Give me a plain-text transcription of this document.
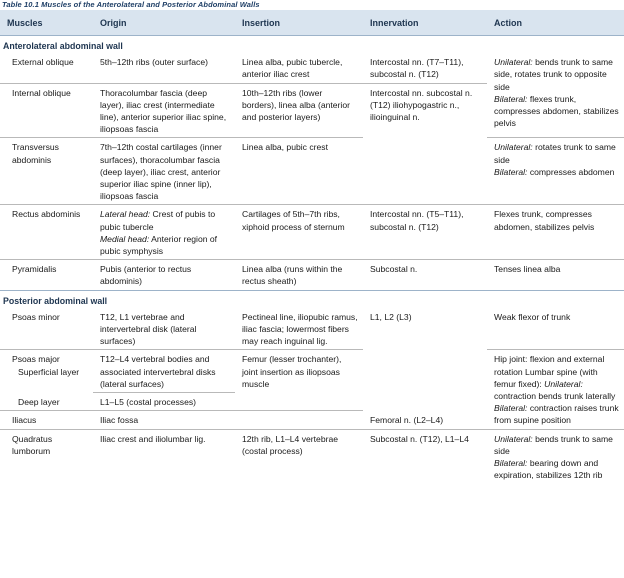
Table 10.1 Muscles of the Anterolateral and Posterior Abdominal Walls
Muscles	Origin	Insertion	Innervation	Action
Anterolateral abdominal wall				
External oblique	5th–12th ribs (outer surface)	Linea alba, pubic tubercle, anterior iliac crest	Intercostal nn. (T7–T11), subcostal n. (T12)	Unilateral: bends trunk to same side, rotates trunk to opposite side
Bilateral: flexes trunk, compresses abdomen, stabilizes pelvis
Internal oblique	Thoracolumbar fascia (deep layer), iliac crest (intermediate line), anterior superior iliac spine, iliopsoas fascia	10th–12th ribs (lower borders), linea alba (anterior and posterior layers)	Intercostal nn. subcostal n. (T12) iliohypogastric n., ilioinguinal n.	
Transversus abdominis	7th–12th costal cartilages (inner surfaces), thoracolumbar fascia (deep layer), iliac crest, anterior superior iliac spine (inner lip), iliopsoas fascia	Linea alba, pubic crest		Unilateral: rotates trunk to same side
Bilateral: compresses abdomen
Rectus abdominis	Lateral head: Crest of pubis to pubic tubercle
Medial head: Anterior region of pubic symphysis	Cartilages of 5th–7th ribs, xiphoid process of sternum	Intercostal nn. (T5–T11), subcostal n. (T12)	Flexes trunk, compresses abdomen, stabilizes pelvis
Pyramidalis	Pubis (anterior to rectus abdominis)	Linea alba (runs within the rectus sheath)	Subcostal n.	Tenses linea alba
Posterior abdominal wall				
Psoas minor	T12, L1 vertebrae and intervertebral disk (lateral surfaces)	Pectineal line, iliopubic ramus, iliac fascia; lowermost fibers may reach inguinal lig.	L1, L2 (L3)	Weak flexor of trunk
Psoas major
Superficial layer	T12–L4 vertebral bodies and associated intervertebral disks (lateral surfaces)	Femur (lesser trochanter), joint insertion as iliopsoas muscle		Hip joint: flexion and external rotation Lumbar spine (with femur fixed): Unilateral: contraction bends trunk laterally
Bilateral: contraction raises trunk from supine position

Deep layer	L1–L5 (costal processes)			
Iliacus	Iliac fossa		Femoral n. (L2–L4)	
Quadratus lumborum	Iliac crest and iliolumbar lig.	12th rib, L1–L4 vertebrae (costal process)	Subcostal n. (T12), L1–L4	Unilateral: bends trunk to same side
Bilateral: bearing down and expiration, stabilizes 12th rib
